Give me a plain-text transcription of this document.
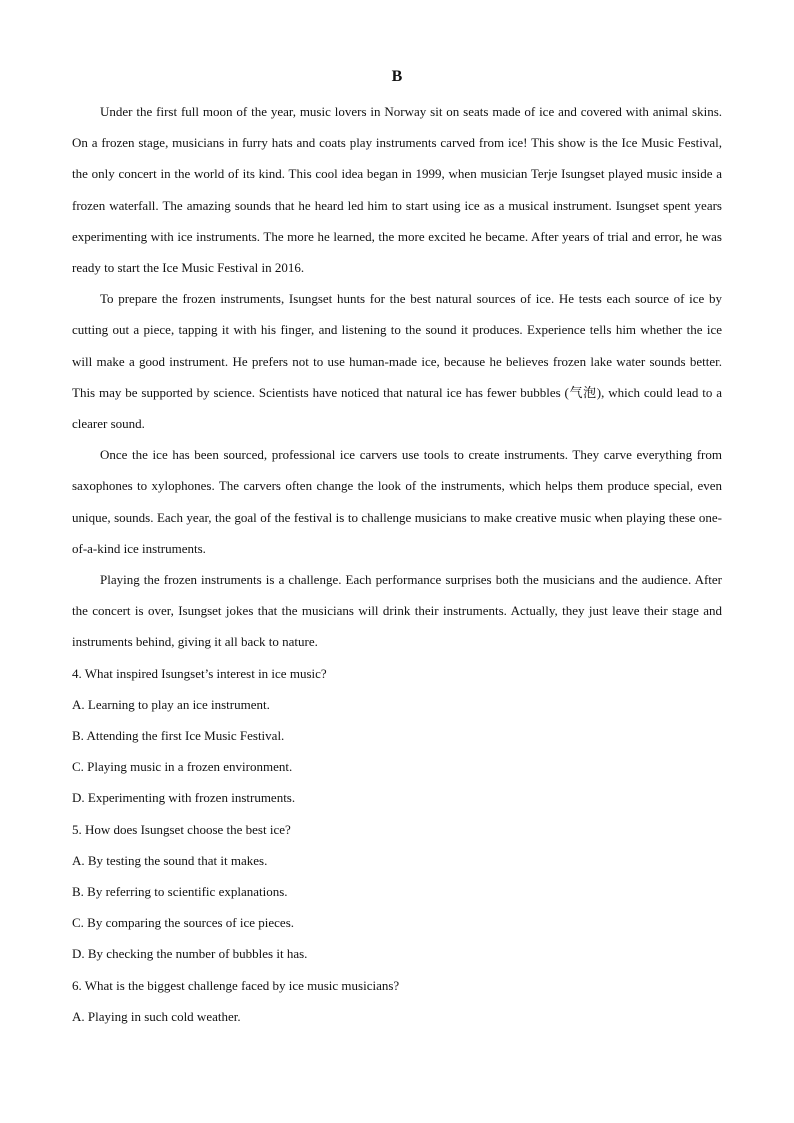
B

Under the first full moon of the year, music lovers in Norway sit on seats made of ice and covered with animal skins. On a frozen stage, musicians in furry hats and coats play instruments carved from ice! This show is the Ice Music Festival, the only concert in the world of its kind. This cool idea began in 1999, when musician Terje Isungset played music inside a frozen waterfall. The amazing sounds that he heard led him to start using ice as a musical instrument. Isungset spent years experimenting with ice instruments. The more he learned, the more excited he became. After years of trial and error, he was ready to start the Ice Music Festival in 2016.

To prepare the frozen instruments, Isungset hunts for the best natural sources of ice. He tests each source of ice by cutting out a piece, tapping it with his finger, and listening to the sound it produces. Experience tells him whether the ice will make a good instrument. He prefers not to use human-made ice, because he believes frozen lake water sounds better. This may be supported by science. Scientists have noticed that natural ice has fewer bubbles (气泡), which could lead to a clearer sound.

Once the ice has been sourced, professional ice carvers use tools to create instruments. They carve everything from saxophones to xylophones. The carvers often change the look of the instruments, which helps them produce special, even unique, sounds. Each year, the goal of the festival is to challenge musicians to make creative music when playing these one-of-a-kind ice instruments.

Playing the frozen instruments is a challenge. Each performance surprises both the musicians and the audience. After the concert is over, Isungset jokes that the musicians will drink their instruments. Actually, they just leave their stage and instruments behind, giving it all back to nature.

4. What inspired Isungset’s interest in ice music?

A. Learning to play an ice instrument.

B. Attending the first Ice Music Festival.

C. Playing music in a frozen environment.

D. Experimenting with frozen instruments.

5. How does Isungset choose the best ice?

A. By testing the sound that it makes.

B. By referring to scientific explanations.

C. By comparing the sources of ice pieces.

D. By checking the number of bubbles it has.

6. What is the biggest challenge faced by ice music musicians?

A. Playing in such cold weather.
